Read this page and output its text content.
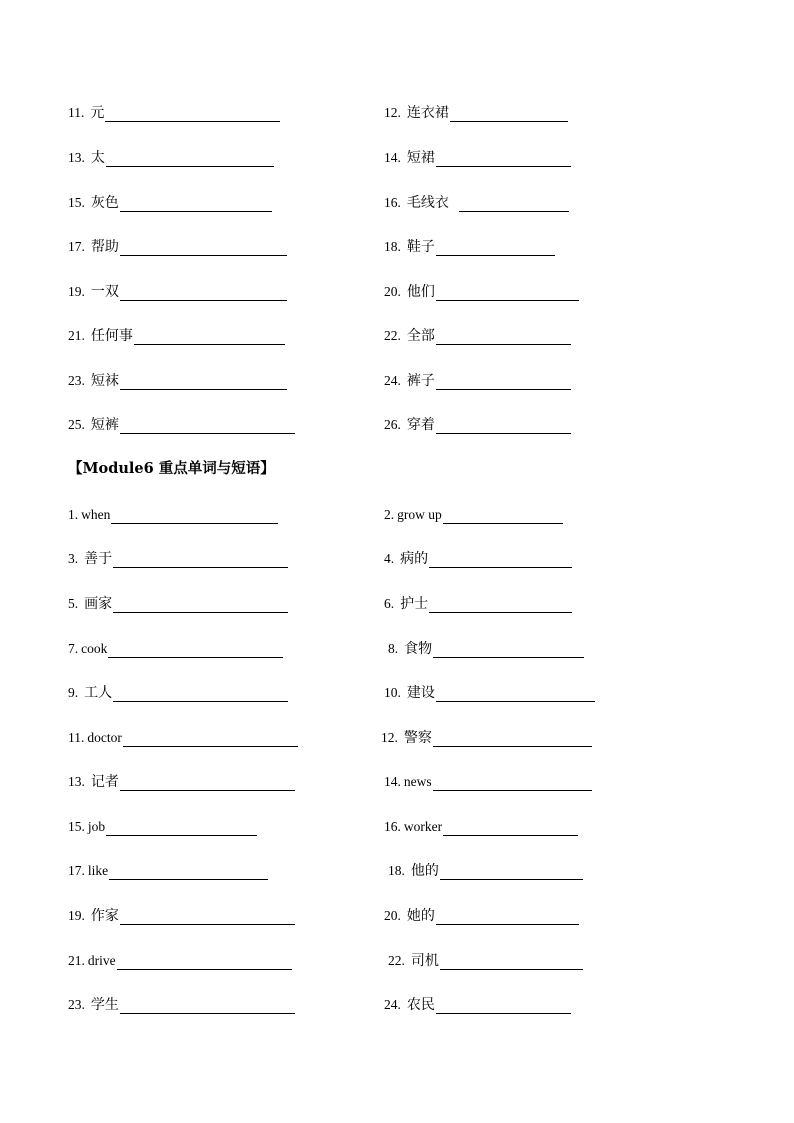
11. 元	12. 连衣裙
13. 太	14. 短裙
15. 灰色	16. 毛线衣
17. 帮助	18. 鞋子
19. 一双	20. 他们
21. 任何事	22. 全部
23. 短袜	24. 裤子
25. 短裤	26. 穿着
【Module6 重点单词与短语】
1. when	2. grow up
3. 善于	4. 病的
5. 画家	6. 护士
7. cook	8. 食物
9. 工人	10. 建设
11. doctor	12. 警察
13. 记者	14. news
15. job	16. worker
17. like	18. 他的
19. 作家	20. 她的
21. drive	22. 司机
23. 学生	24. 农民
